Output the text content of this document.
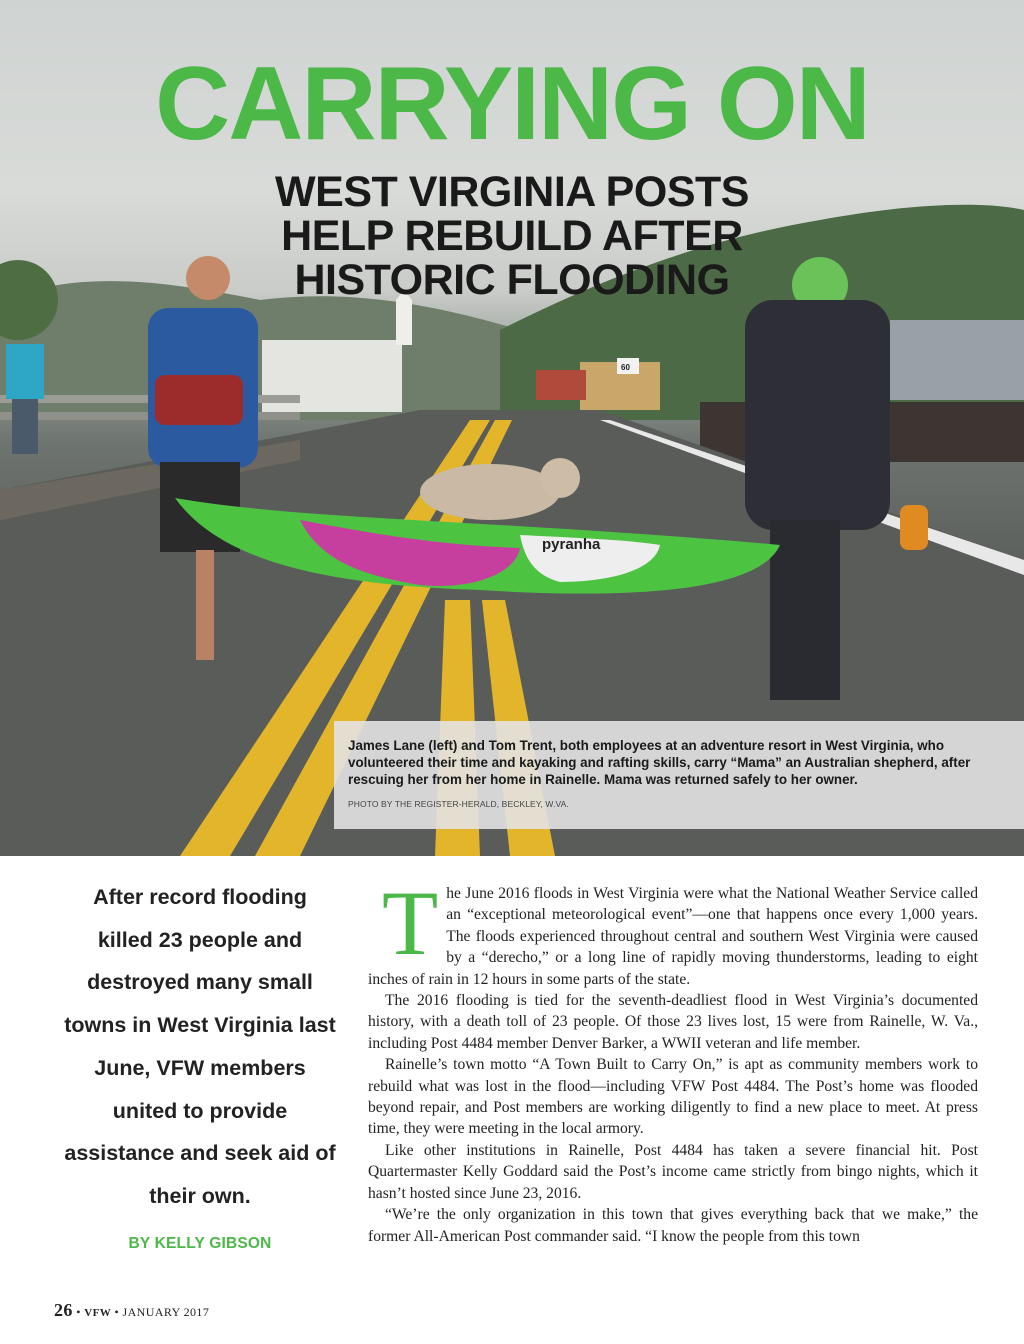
pyranha
60
CARRYING ON
WEST VIRGINIA POSTS
HELP REBUILD AFTER
HISTORIC FLOODING
James Lane (left) and Tom Trent, both employees at an adventure resort in West Virginia, who volunteered their time and kayaking and rafting skills, carry “Mama” an Australian shepherd, after rescuing her from her home in Rainelle. Mama was returned safely to her owner.
PHOTO BY THE REGISTER-HERALD, BECKLEY, W.VA.
After record flooding killed 23 people and destroyed many small towns in West Virginia last June, VFW members united to provide assistance and seek aid of their own.
BY KELLY GIBSON

The June 2016 floods in West Virginia were what the National Weather Service called an “exceptional meteorological event”—one that happens once every 1,000 years. The floods experienced throughout central and southern West Virginia were caused by a “derecho,” or a long line of rapidly moving thunderstorms, leading to eight inches of rain in 12 hours in some parts of the state.

The 2016 flooding is tied for the seventh-deadliest flood in West Virginia’s documented history, with a death toll of 23 people. Of those 23 lives lost, 15 were from Rainelle, W. Va., including Post 4484 member Denver Barker, a WWII veteran and life member.

Rainelle’s town motto “A Town Built to Carry On,” is apt as community members work to rebuild what was lost in the flood—including VFW Post 4484. The Post’s home was flooded beyond repair, and Post members are working diligently to find a new place to meet. At press time, they were meeting in the local armory.

Like other institutions in Rainelle, Post 4484 has taken a severe financial hit. Post Quartermaster Kelly Goddard said the Post’s income came strictly from bingo nights, which it hasn’t hosted since June 23, 2016.

“We’re the only organization in this town that gives everything back that we make,” the former All-American Post commander said. “I know the people from this town

26 • VFW • JANUARY 2017
